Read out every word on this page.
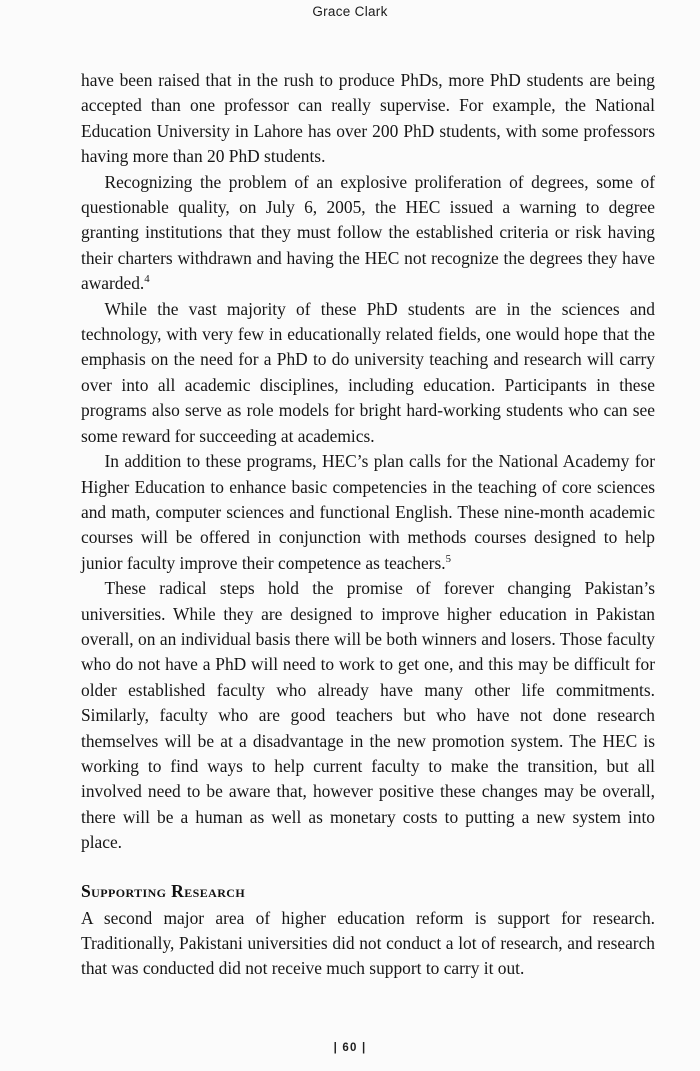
Grace Clark

have been raised that in the rush to produce PhDs, more PhD students are being accepted than one professor can really supervise. For example, the National Education University in Lahore has over 200 PhD students, with some professors having more than 20 PhD students.

Recognizing the problem of an explosive proliferation of degrees, some of questionable quality, on July 6, 2005, the HEC issued a warning to degree granting institutions that they must follow the established criteria or risk having their charters withdrawn and having the HEC not recognize the degrees they have awarded.$^4$

While the vast majority of these PhD students are in the sciences and technology, with very few in educationally related fields, one would hope that the emphasis on the need for a PhD to do university teaching and research will carry over into all academic disciplines, including education. Participants in these programs also serve as role models for bright hard-working students who can see some reward for succeeding at academics.

In addition to these programs, HEC’s plan calls for the National Academy for Higher Education to enhance basic competencies in the teaching of core sciences and math, computer sciences and functional English. These nine-month academic courses will be offered in conjunction with methods courses designed to help junior faculty improve their competence as teachers.$^5$

These radical steps hold the promise of forever changing Pakistan’s universities. While they are designed to improve higher education in Pakistan overall, on an individual basis there will be both winners and losers. Those faculty who do not have a PhD will need to work to get one, and this may be difficult for older established faculty who already have many other life commitments. Similarly, faculty who are good teachers but who have not done research themselves will be at a disadvantage in the new promotion system. The HEC is working to find ways to help current faculty to make the transition, but all involved need to be aware that, however positive these changes may be overall, there will be a human as well as monetary costs to putting a new system into place.

Supporting Research

A second major area of higher education reform is support for research. Traditionally, Pakistani universities did not conduct a lot of research, and research that was conducted did not receive much support to carry it out.

| 60 |
